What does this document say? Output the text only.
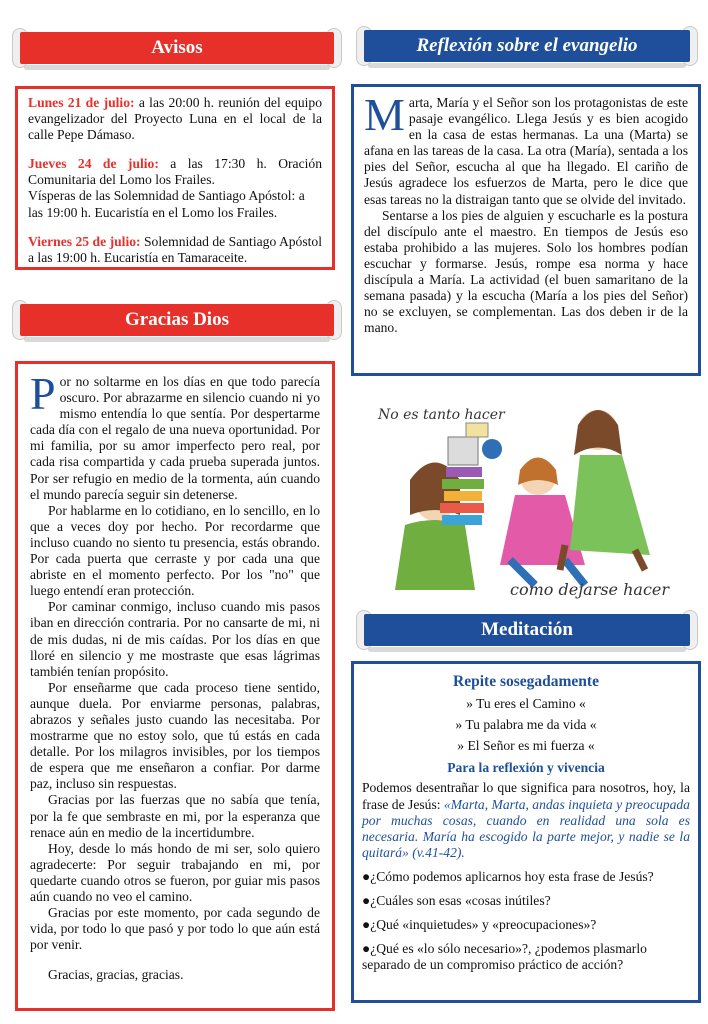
Avisos
Lunes 21 de julio: a las 20:00 h. reunión del equipo evangelizador del Proyecto Luna en el local de la calle Pepe Dámaso.
Jueves 24 de julio: a las 17:30 h. Oración Comunitaria del Lomo los Frailes.
Vísperas de las Solemnidad de Santiago Apóstol: a las 19:00 h. Eucaristía en el Lomo los Frailes.
Viernes 25 de julio: Solemnidad de Santiago Apóstol a las 19:00 h. Eucaristía en Tamaraceite.
Gracias Dios

Por no soltarme en los días en que todo parecía oscuro. Por abrazarme en silencio cuando ni yo mismo entendía lo que sentía. Por despertarme cada día con el regalo de una nueva oportunidad. Por mi familia, por su amor imperfecto pero real, por cada risa compartida y cada prueba superada juntos. Por ser refugio en medio de la tormenta, aún cuando el mundo parecía seguir sin detenerse.

Por hablarme en lo cotidiano, en lo sencillo, en lo que a veces doy por hecho. Por recordarme que incluso cuando no siento tu presencia, estás obrando. Por cada puerta que cerraste y por cada una que abriste en el momento perfecto. Por los "no" que luego entendí eran protección.

Por caminar conmigo, incluso cuando mis pasos iban en dirección contraria. Por no cansarte de mi, ni de mis dudas, ni de mis caídas. Por los días en que lloré en silencio y me mostraste que esas lágrimas también tenían propósito.

Por enseñarme que cada proceso tiene sentido, aunque duela. Por enviarme personas, palabras, abrazos y señales justo cuando las necesitaba. Por mostrarme que no estoy solo, que tú estás en cada detalle. Por los milagros invisibles, por los tiempos de espera que me enseñaron a confiar. Por darme paz, incluso sin respuestas.

Gracias por las fuerzas que no sabía que tenía, por la fe que sembraste en mi, por la esperanza que renace aún en medio de la incertidumbre.

Hoy, desde lo más hondo de mi ser, solo quiero agradecerte: Por seguir trabajando en mi, por quedarte cuando otros se fueron, por guiar mis pasos aún cuando no veo el camino.

Gracias por este momento, por cada segundo de vida, por todo lo que pasó y por todo lo que aún está por venir.

Gracias, gracias, gracias.

Reflexión sobre el evangelio

Marta, María y el Señor son los protagonistas de este pasaje evangélico. Llega Jesús y es bien acogido en la casa de estas hermanas. La una (Marta) se afana en las tareas de la casa. La otra (María), sentada a los pies del Señor, escucha al que ha llegado. El cariño de Jesús agradece los esfuerzos de Marta, pero le dice que esas tareas no la distraigan tanto que se olvide del invitado.

Sentarse a los pies de alguien y escucharle es la postura del discípulo ante el maestro. En tiempos de Jesús eso estaba prohibido a las mujeres. Solo los hombres podían escuchar y formarse. Jesús, rompe esa norma y hace discípula a María. La actividad (el buen samaritano de la semana pasada) y la escucha (María a los pies del Señor) no se excluyen, se complementan. Las dos deben ir de la mano.

No es tanto hacer
como dejarse hacer
Meditación
Repite sosegadamente
» Tu eres el Camino «
» Tu palabra me da vida «
» El Señor es mi fuerza «
Para la reflexión y vivencia

Podemos desentrañar lo que significa para nosotros, hoy, la frase de Jesús: «Marta, Marta, andas inquieta y preocupada por muchas cosas, cuando en realidad una sola es necesaria. María ha escogido la parte mejor, y nadie se la quitará» (v.41-42).

●¿Cómo podemos aplicarnos hoy esta frase de Jesús?
●¿Cuáles son esas «cosas inútiles?
●¿Qué «inquietudes» y «preocupaciones»?
●¿Qué es «lo sólo necesario»?, ¿podemos plasmarlo separado de un compromiso práctico de acción?
